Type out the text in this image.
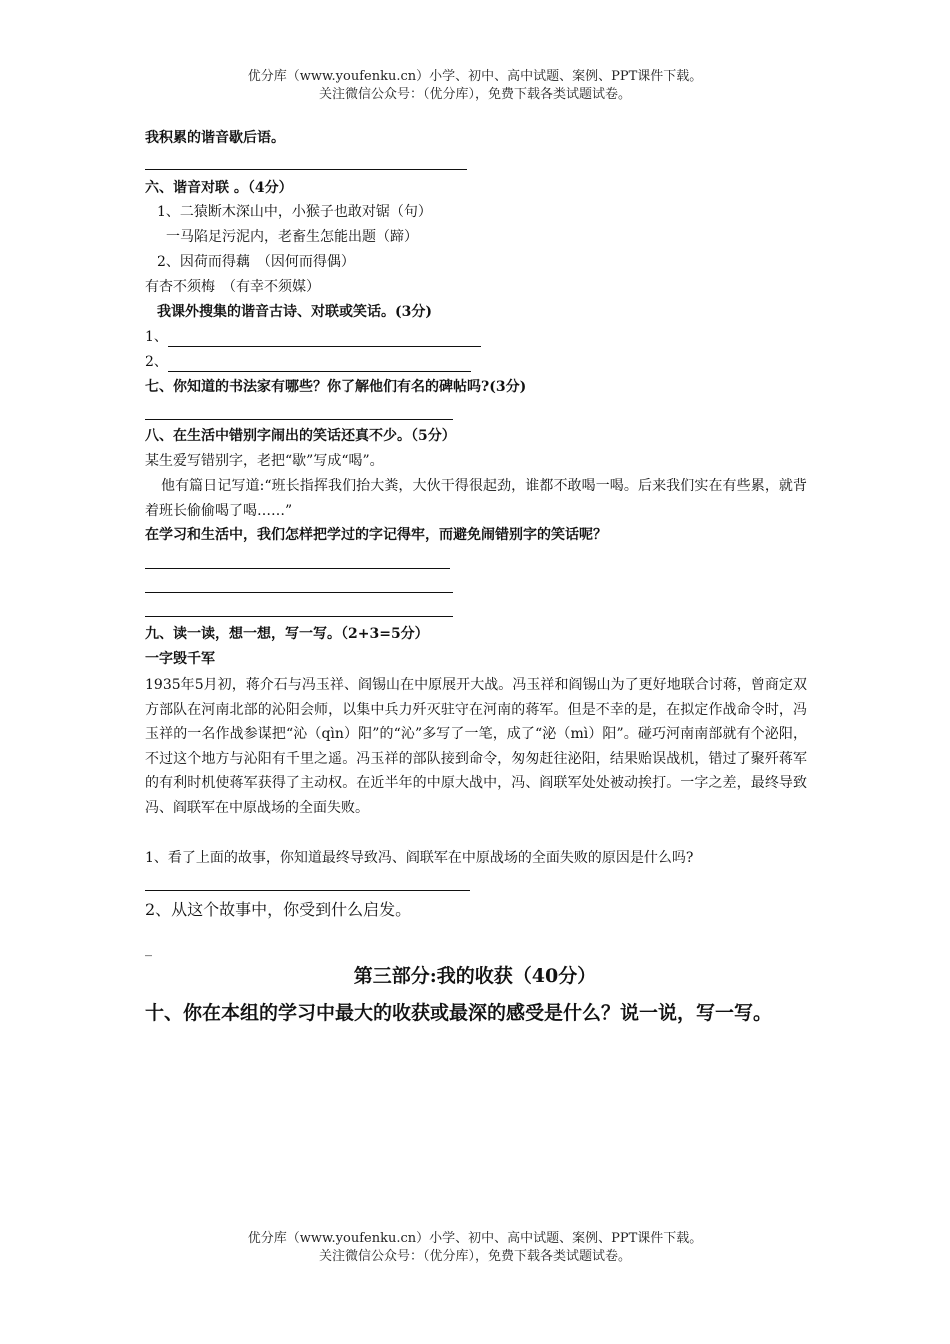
优分库（www.youfenku.cn）小学、初中、高中试题、案例、PPT课件下载。
关注微信公众号：（优分库），免费下载各类试题试卷。
我积累的谐音歇后语。
六、谐音对联 。（4分）
1、二猿断木深山中，小猴子也敢对锯（句）
一马陷足污泥内，老畜生怎能出题（蹄）
2、因荷而得藕　（因何而得偶）
有杏不须梅　（有幸不须媒）
我课外搜集的谐音古诗、对联或笑话。(3分)
1、
2、
七、你知道的书法家有哪些？你了解他们有名的碑帖吗?(3分)
八、在生活中错别字闹出的笑话还真不少。（5分）
某生爱写错别字，老把“歇”写成“喝”。
他有篇日记写道:“班长指挥我们抬大粪，大伙干得很起劲，谁都不敢喝一喝。后来我们实在有些累，就背着班长偷偷喝了喝……”
在学习和生活中，我们怎样把学过的字记得牢，而避免闹错别字的笑话呢？
九、读一读，想一想，写一写。（2+3=5分）
一字毁千军
1935年5月初，蒋介石与冯玉祥、阎锡山在中原展开大战。冯玉祥和阎锡山为了更好地联合讨蒋，曾商定双方部队在河南北部的沁阳会师，以集中兵力歼灭驻守在河南的蒋军。但是不幸的是，在拟定作战命令时，冯玉祥的一名作战参谋把“沁（qìn）阳”的“沁”多写了一笔，成了“泌（mì）阳”。碰巧河南南部就有个泌阳，不过这个地方与沁阳有千里之遥。冯玉祥的部队接到命令，匆匆赶往泌阳，结果贻误战机，错过了聚歼蒋军的有利时机使蒋军获得了主动权。在近半年的中原大战中，冯、阎联军处处被动挨打。一字之差，最终导致冯、阎联军在中原战场的全面失败。
1、看了上面的故事，你知道最终导致冯、阎联军在中原战场的全面失败的原因是什么吗?
2、从这个故事中，你受到什么启发。
_
第三部分:我的收获（40分）
十、你在本组的学习中最大的收获或最深的感受是什么？说一说，写一写。
优分库（www.youfenku.cn）小学、初中、高中试题、案例、PPT课件下载。
关注微信公众号：（优分库），免费下载各类试题试卷。
